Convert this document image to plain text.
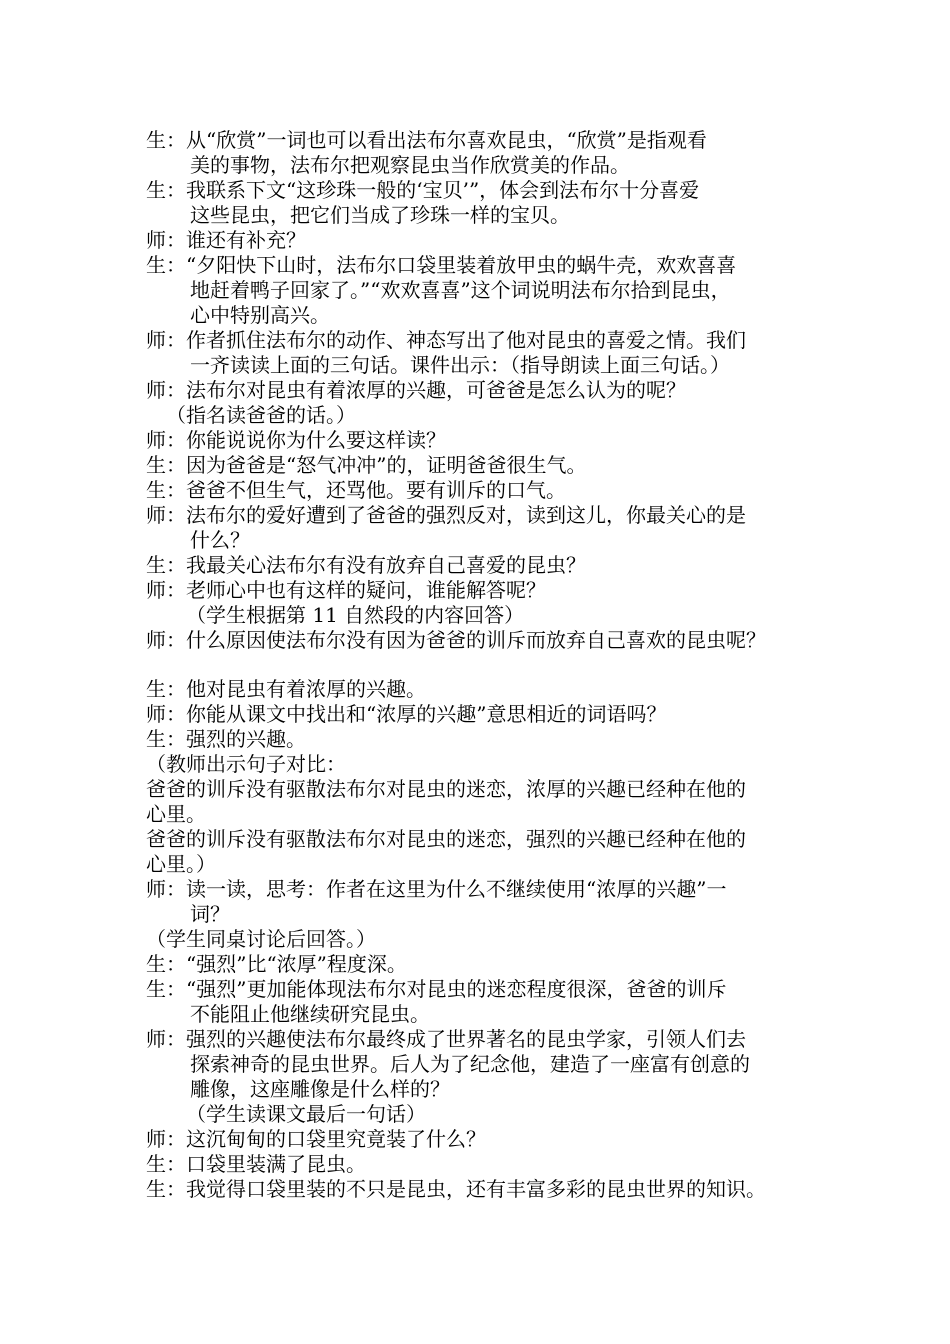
生：从“欣赏”一词也可以看出法布尔喜欢昆虫，“欣赏”是指观看

美的事物，法布尔把观察昆虫当作欣赏美的作品。

生：我联系下文“这珍珠一般的‘宝贝’”，体会到法布尔十分喜爱

这些昆虫，把它们当成了珍珠一样的宝贝。

师：谁还有补充？

生：“夕阳快下山时，法布尔口袋里装着放甲虫的蜗牛壳，欢欢喜喜

地赶着鸭子回家了。”“欢欢喜喜”这个词说明法布尔拾到昆虫，

心中特别高兴。

师：作者抓住法布尔的动作、神态写出了他对昆虫的喜爱之情。我们

一齐读读上面的三句话。课件出示：（指导朗读上面三句话。）

师：法布尔对昆虫有着浓厚的兴趣，可爸爸是怎么认为的呢？

（指名读爸爸的话。）

师：你能说说你为什么要这样读？

生：因为爸爸是“怒气冲冲”的，证明爸爸很生气。

生：爸爸不但生气，还骂他。要有训斥的口气。

师：法布尔的爱好遭到了爸爸的强烈反对，读到这儿，你最关心的是

什么？

生：我最关心法布尔有没有放弃自己喜爱的昆虫？

师：老师心中也有这样的疑问，谁能解答呢？

（学生根据第 11 自然段的内容回答）

师：什么原因使法布尔没有因为爸爸的训斥而放弃自己喜欢的昆虫呢？

生：他对昆虫有着浓厚的兴趣。

师：你能从课文中找出和“浓厚的兴趣”意思相近的词语吗？

生：强烈的兴趣。

（教师出示句子对比：

爸爸的训斥没有驱散法布尔对昆虫的迷恋，浓厚的兴趣已经种在他的

心里。

爸爸的训斥没有驱散法布尔对昆虫的迷恋，强烈的兴趣已经种在他的

心里。）

师：读一读，思考：作者在这里为什么不继续使用“浓厚的兴趣”一

词？

（学生同桌讨论后回答。）

生：“强烈”比“浓厚”程度深。

生：“强烈”更加能体现法布尔对昆虫的迷恋程度很深，爸爸的训斥

不能阻止他继续研究昆虫。

师：强烈的兴趣使法布尔最终成了世界著名的昆虫学家，引领人们去

探索神奇的昆虫世界。后人为了纪念他，建造了一座富有创意的

雕像，这座雕像是什么样的？

（学生读课文最后一句话）

师：这沉甸甸的口袋里究竟装了什么？

生：口袋里装满了昆虫。

生：我觉得口袋里装的不只是昆虫，还有丰富多彩的昆虫世界的知识。
